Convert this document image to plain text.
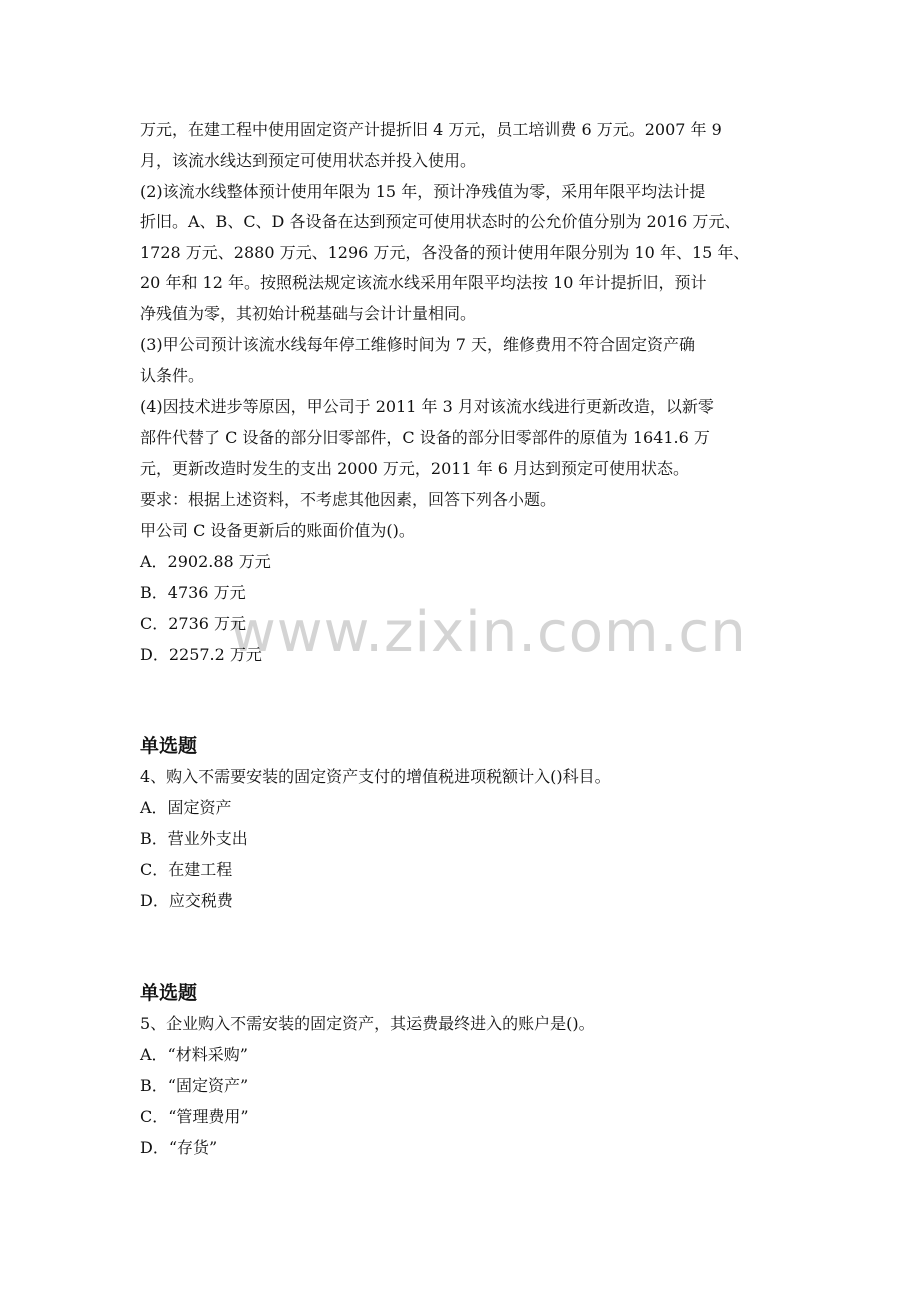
www.zixin.com.cn
万元，在建工程中使用固定资产计提折旧 4 万元，员工培训费 6 万元。2007 年 9
月，该流水线达到预定可使用状态并投入使用。
(2)该流水线整体预计使用年限为 15 年，预计净残值为零，采用年限平均法计提
折旧。A、B、C、D 各设备在达到预定可使用状态时的公允价值分别为 2016 万元、
1728 万元、2880 万元、1296 万元，各没备的预计使用年限分别为 10 年、15 年、
20 年和 12 年。按照税法规定该流水线采用年限平均法按 10 年计提折旧，预计
净残值为零，其初始计税基础与会计计量相同。
(3)甲公司预计该流水线每年停工维修时间为 7 天，维修费用不符合固定资产确
认条件。
(4)因技术进步等原因，甲公司于 2011 年 3 月对该流水线进行更新改造，以新零
部件代替了 C 设备的部分旧零部件，C 设备的部分旧零部件的原值为 1641.6 万
元，更新改造时发生的支出 2000 万元，2011 年 6 月达到预定可使用状态。
要求：根据上述资料，不考虑其他因素，回答下列各小题。
甲公司 C 设备更新后的账面价值为()。
A．2902.88 万元
B．4736 万元
C．2736 万元
D．2257.2 万元
单选题
4、购入不需要安装的固定资产支付的增值税进项税额计入()科目。
A．固定资产
B．营业外支出
C．在建工程
D．应交税费
单选题
5、企业购入不需安装的固定资产，其运费最终进入的账户是()。
A．“材料采购”
B．“固定资产”
C．“管理费用”
D．“存货”
